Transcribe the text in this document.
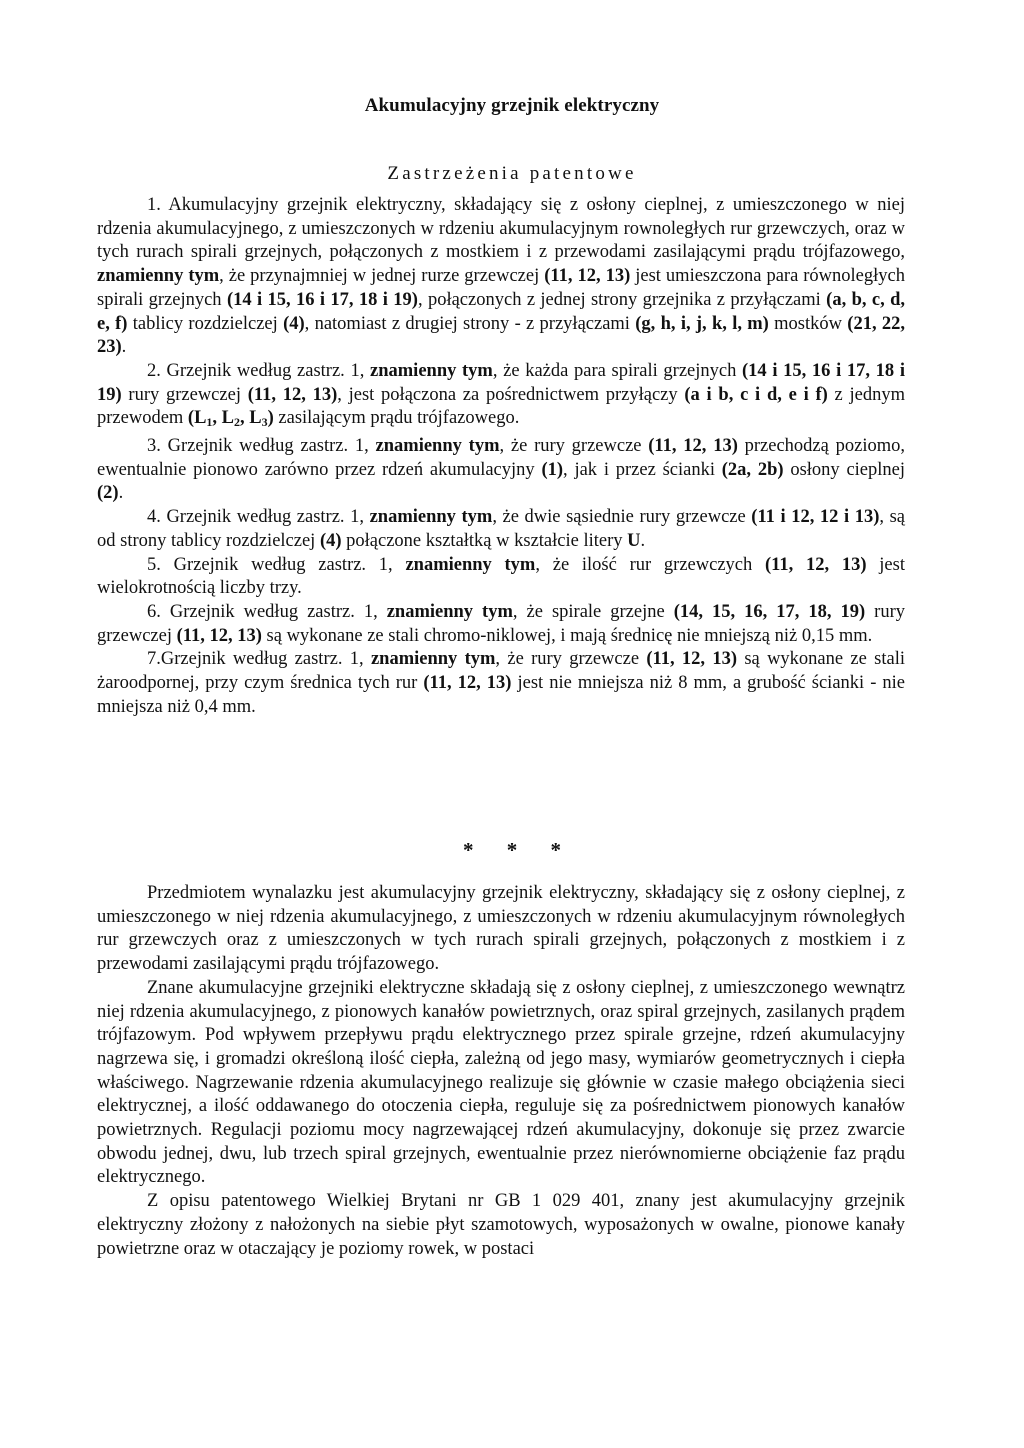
Akumulacyjny grzejnik elektryczny
Zastrzeżenia patentowe

1. Akumulacyjny grzejnik elektryczny, składający się z osłony cieplnej, z umieszczonego w niej rdzenia akumulacyjnego, z umieszczonych w rdzeniu akumulacyjnym rownoległych rur grzewczych, oraz w tych rurach spirali grzejnych, połączonych z mostkiem i z przewodami zasilającymi prądu trójfazowego, znamienny tym, że przynajmniej w jednej rurze grzewczej (11, 12, 13) jest umieszczona para równoległych spirali grzejnych (14 i 15, 16 i 17, 18 i 19), połączonych z jednej strony grzejnika z przyłączami (a, b, c, d, e, f) tablicy rozdzielczej (4), natomiast z drugiej strony - z przyłączami (g, h, i, j, k, l, m) mostków (21, 22, 23).

2. Grzejnik według zastrz. 1, znamienny tym, że każda para spirali grzejnych (14 i 15, 16 i 17, 18 i 19) rury grzewczej (11, 12, 13), jest połączona za pośrednictwem przyłączy (a i b, c i d, e i f) z jednym przewodem ($L_1$, $L_2$, $L_3$) zasilającym prądu trójfazowego.

3. Grzejnik według zastrz. 1, znamienny tym, że rury grzewcze (11, 12, 13) przechodzą poziomo, ewentualnie pionowo zarówno przez rdzeń akumulacyjny (1), jak i przez ścianki (2a, 2b) osłony cieplnej (2).

4. Grzejnik według zastrz. 1, znamienny tym, że dwie sąsiednie rury grzewcze (11 i 12, 12 i 13), są od strony tablicy rozdzielczej (4) połączone kształtką w kształcie litery U.

5. Grzejnik według zastrz. 1, znamienny tym, że ilość rur grzewczych (11, 12, 13) jest wielokrotnością liczby trzy.

6. Grzejnik według zastrz. 1, znamienny tym, że spirale grzejne (14, 15, 16, 17, 18, 19) rury grzewczej (11, 12, 13) są wykonane ze stali chromo-niklowej, i mają średnicę nie mniejszą niż 0,15 mm.

7.Grzejnik według zastrz. 1, znamienny tym, że rury grzewcze (11, 12, 13) są wykonane ze stali żaroodpornej, przy czym średnica tych rur (11, 12, 13) jest nie mniejsza niż 8 mm, a grubość ścianki - nie mniejsza niż 0,4 mm.

* * *

Przedmiotem wynalazku jest akumulacyjny grzejnik elektryczny, składający się z osłony cieplnej, z umieszczonego w niej rdzenia akumulacyjnego, z umieszczonych w rdzeniu akumulacyjnym równoległych rur grzewczych oraz z umieszczonych w tych rurach spirali grzejnych, połączonych z mostkiem i z przewodami zasilającymi prądu trójfazowego.

Znane akumulacyjne grzejniki elektryczne składają się z osłony cieplnej, z umieszczonego wewnątrz niej rdzenia akumulacyjnego, z pionowych kanałów powietrznych, oraz spiral grzejnych, zasilanych prądem trójfazowym. Pod wpływem przepływu prądu elektrycznego przez spirale grzejne, rdzeń akumulacyjny nagrzewa się, i gromadzi określoną ilość ciepła, zależną od jego masy, wymiarów geometrycznych i ciepła właściwego. Nagrzewanie rdzenia akumulacyjnego realizuje się głównie w czasie małego obciążenia sieci elektrycznej, a ilość oddawanego do otoczenia ciepła, reguluje się za pośrednictwem pionowych kanałów powietrznych. Regulacji poziomu mocy nagrzewającej rdzeń akumulacyjny, dokonuje się przez zwarcie obwodu jednej, dwu, lub trzech spiral grzejnych, ewentualnie przez nierównomierne obciążenie faz prądu elektrycznego.

Z opisu patentowego Wielkiej Brytani nr GB 1 029 401, znany jest akumulacyjny grzejnik elektryczny złożony z nałożonych na siebie płyt szamotowych, wyposażonych w owalne, pionowe kanały powietrzne oraz w otaczający je poziomy rowek, w postaci
